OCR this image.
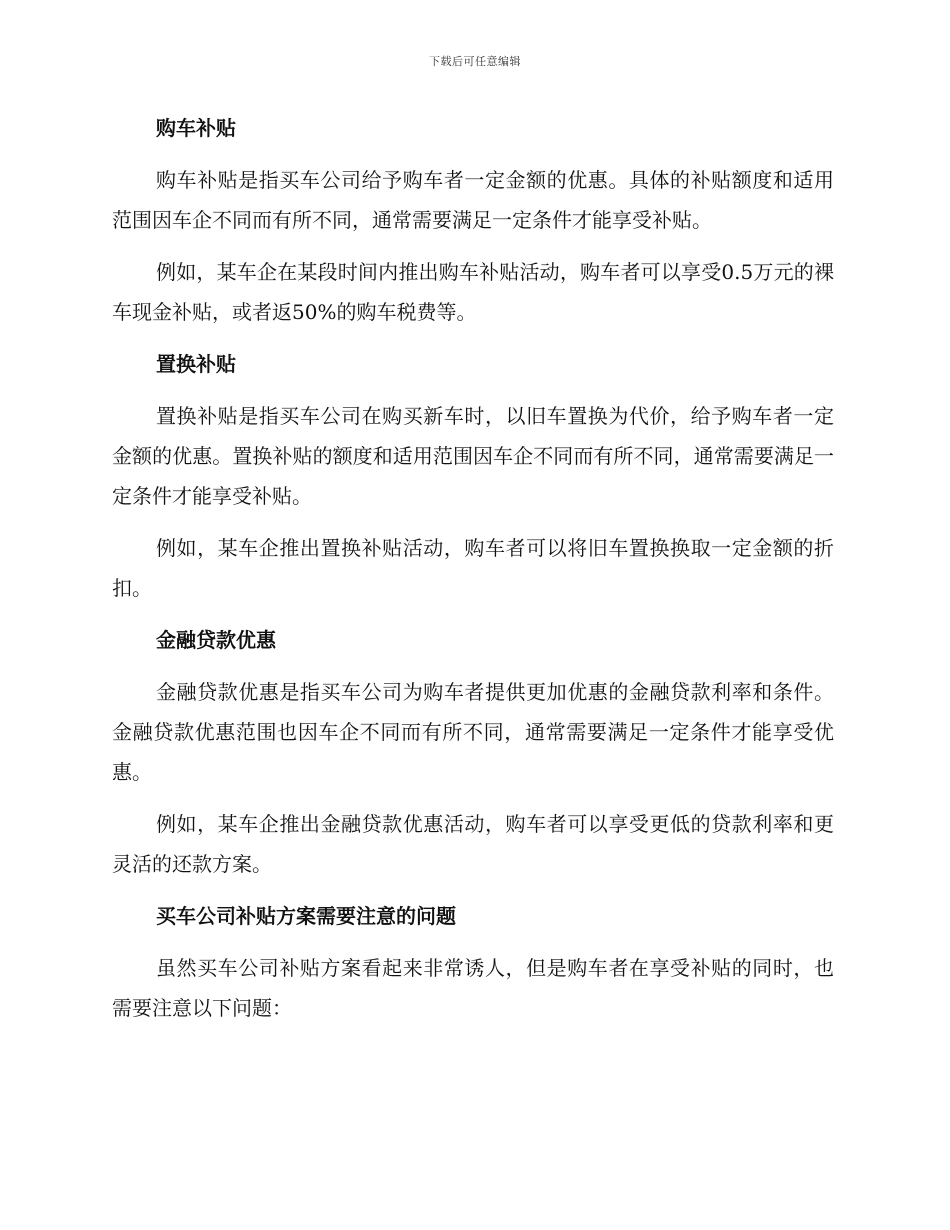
下载后可任意编辑
购车补贴

购车补贴是指买车公司给予购车者一定金额的优惠。具体的补贴额度和适用范围因车企不同而有所不同，通常需要满足一定条件才能享受补贴。

例如，某车企在某段时间内推出购车补贴活动，购车者可以享受0.5万元的裸车现金补贴，或者返50%的购车税费等。

置换补贴

置换补贴是指买车公司在购买新车时，以旧车置换为代价，给予购车者一定金额的优惠。置换补贴的额度和适用范围因车企不同而有所不同，通常需要满足一定条件才能享受补贴。

例如，某车企推出置换补贴活动，购车者可以将旧车置换换取一定金额的折扣。

金融贷款优惠

金融贷款优惠是指买车公司为购车者提供更加优惠的金融贷款利率和条件。金融贷款优惠范围也因车企不同而有所不同，通常需要满足一定条件才能享受优惠。

例如，某车企推出金融贷款优惠活动，购车者可以享受更低的贷款利率和更灵活的还款方案。

买车公司补贴方案需要注意的问题

虽然买车公司补贴方案看起来非常诱人，但是购车者在享受补贴的同时，也需要注意以下问题：
